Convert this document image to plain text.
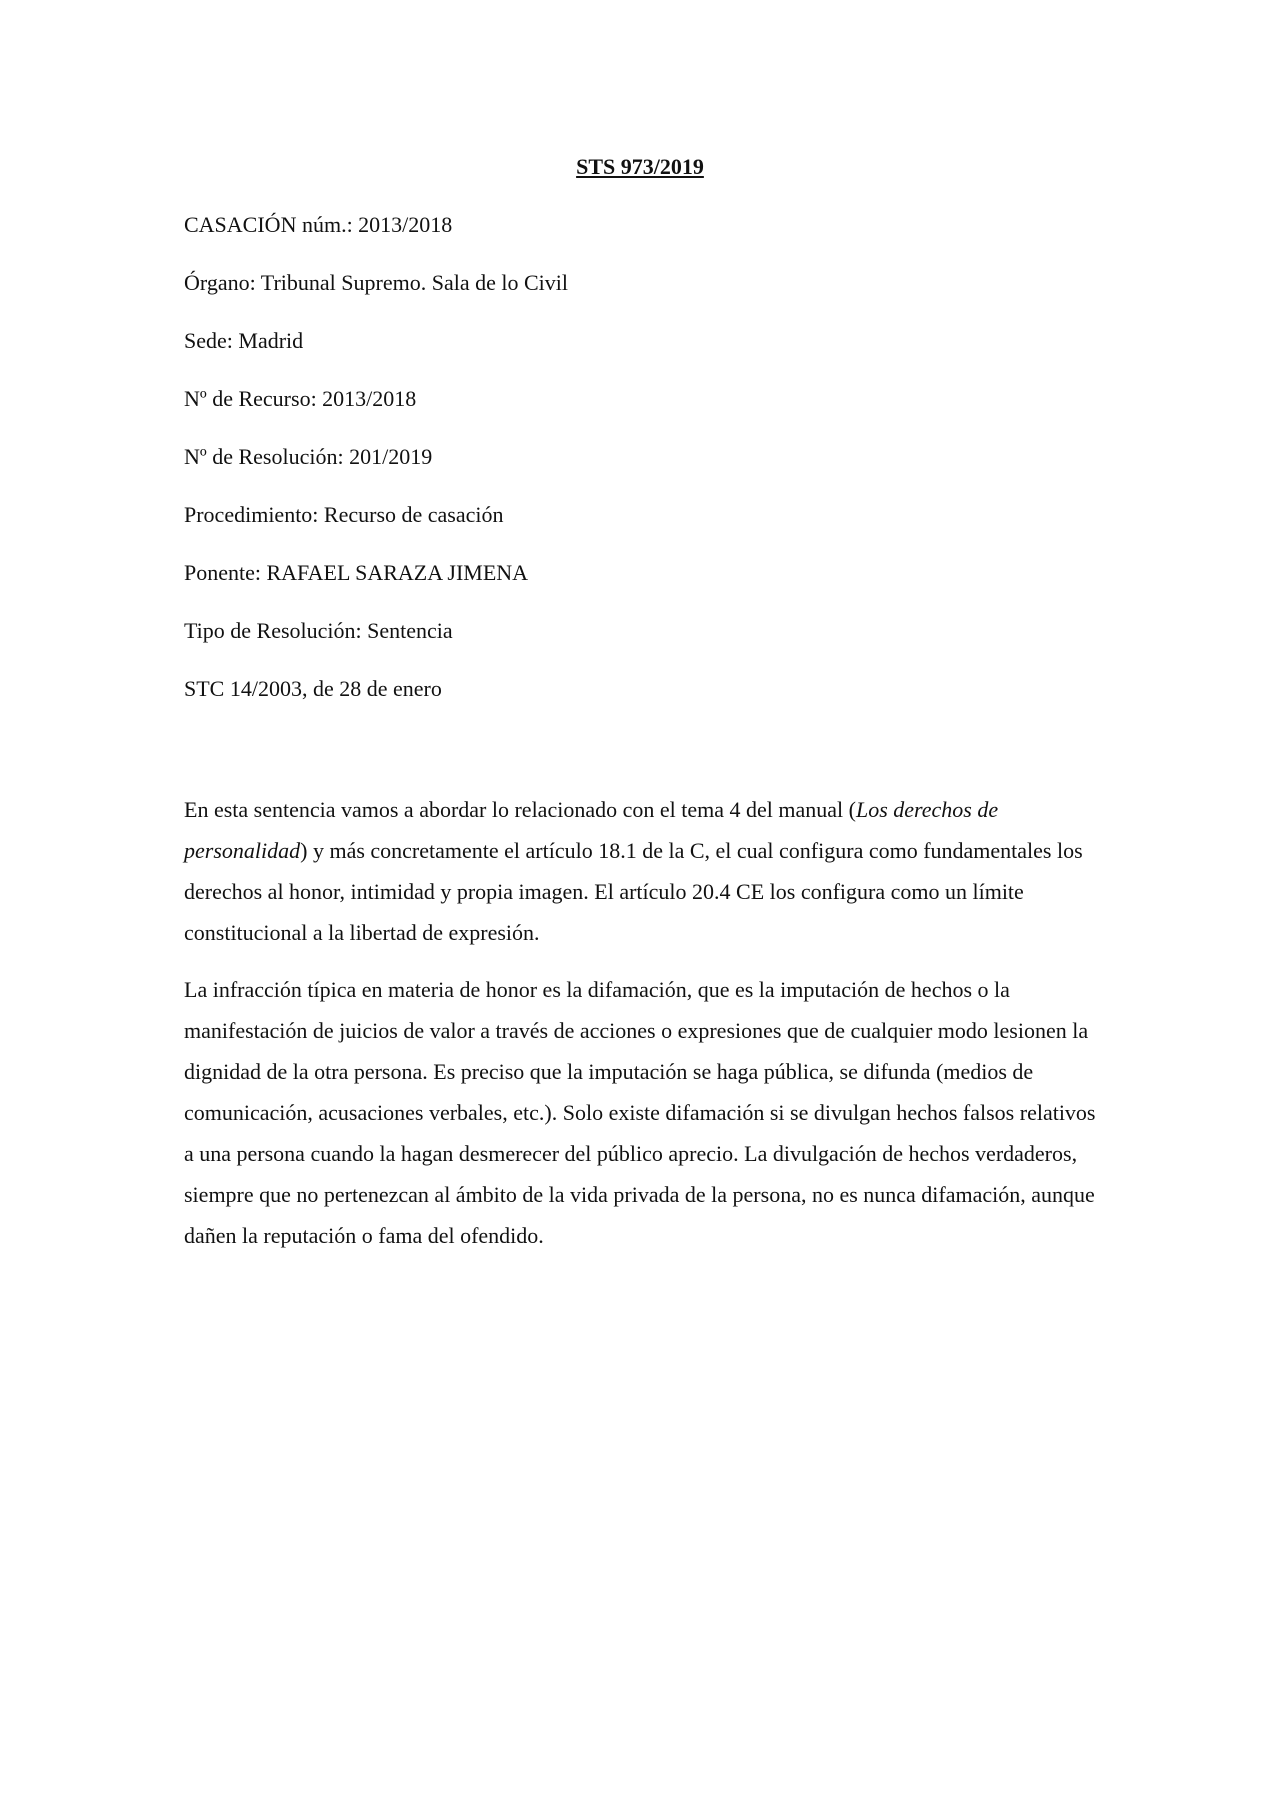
STS 973/2019
CASACIÓN núm.: 2013/2018
Órgano: Tribunal Supremo. Sala de lo Civil
Sede: Madrid
Nº de Recurso: 2013/2018
Nº de Resolución: 201/2019
Procedimiento: Recurso de casación
Ponente: RAFAEL SARAZA JIMENA
Tipo de Resolución: Sentencia
STC 14/2003, de 28 de enero

En esta sentencia vamos a abordar lo relacionado con el tema 4 del manual (Los derechos de personalidad) y más concretamente el artículo 18.1 de la C, el cual configura como fundamentales los derechos al honor, intimidad y propia imagen. El artículo 20.4 CE los configura como un límite constitucional a la libertad de expresión.

La infracción típica en materia de honor es la difamación, que es la imputación de hechos o la manifestación de juicios de valor a través de acciones o expresiones que de cualquier modo lesionen la dignidad de la otra persona. Es preciso que la imputación se haga pública, se difunda (medios de comunicación, acusaciones verbales, etc.). Solo existe difamación si se divulgan hechos falsos relativos a una persona cuando la hagan desmerecer del público aprecio. La divulgación de hechos verdaderos, siempre que no pertenezcan al ámbito de la vida privada de la persona, no es nunca difamación, aunque dañen la reputación o fama del ofendido.
